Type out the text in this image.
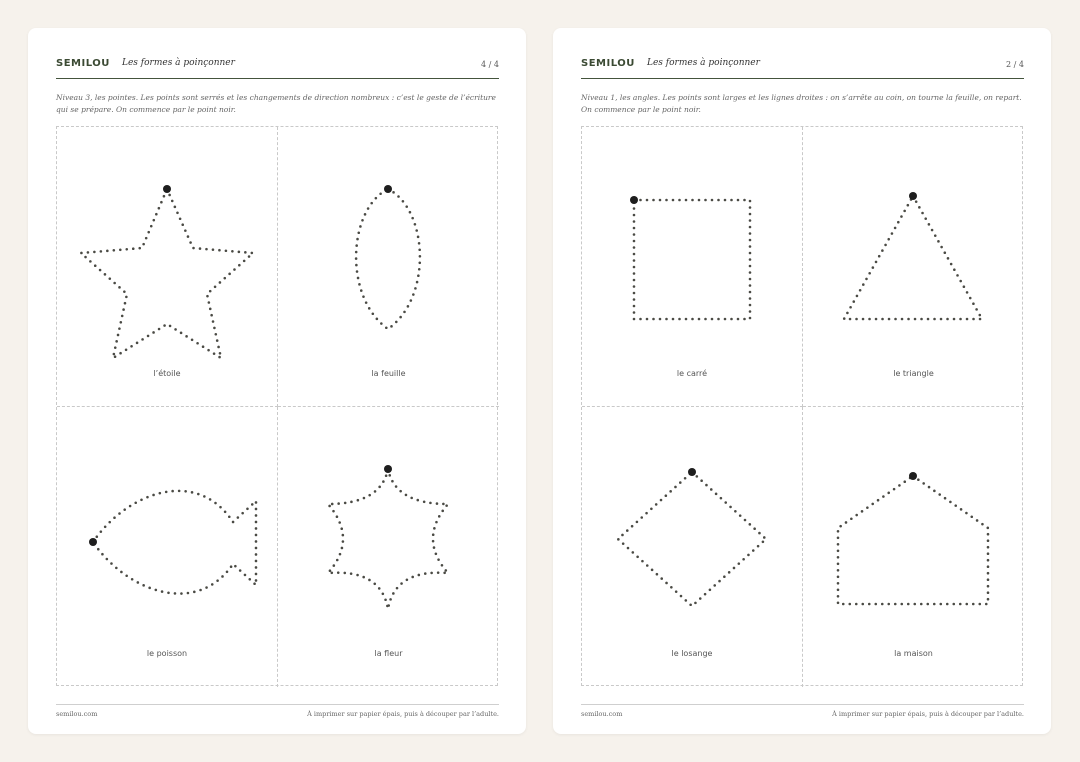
SEMILOU Les formes à poinçonner	4 / 4
Niveau 3, les pointes. Les points sont serrés et les changements de direction nombreux : c’est le geste de l’écriture qui se prépare. On commence par le point noir.
l’étoile	la feuille
le poisson	la fleur
semilou.com	À imprimer sur papier épais, puis à découper par l’adulte.
SEMILOU Les formes à poinçonner	2 / 4
Niveau 1, les angles. Les points sont larges et les lignes droites : on s’arrête au coin, on tourne la feuille, on repart. On commence par le point noir.
le carré	le triangle
le losange	la maison
semilou.com	À imprimer sur papier épais, puis à découper par l’adulte.
